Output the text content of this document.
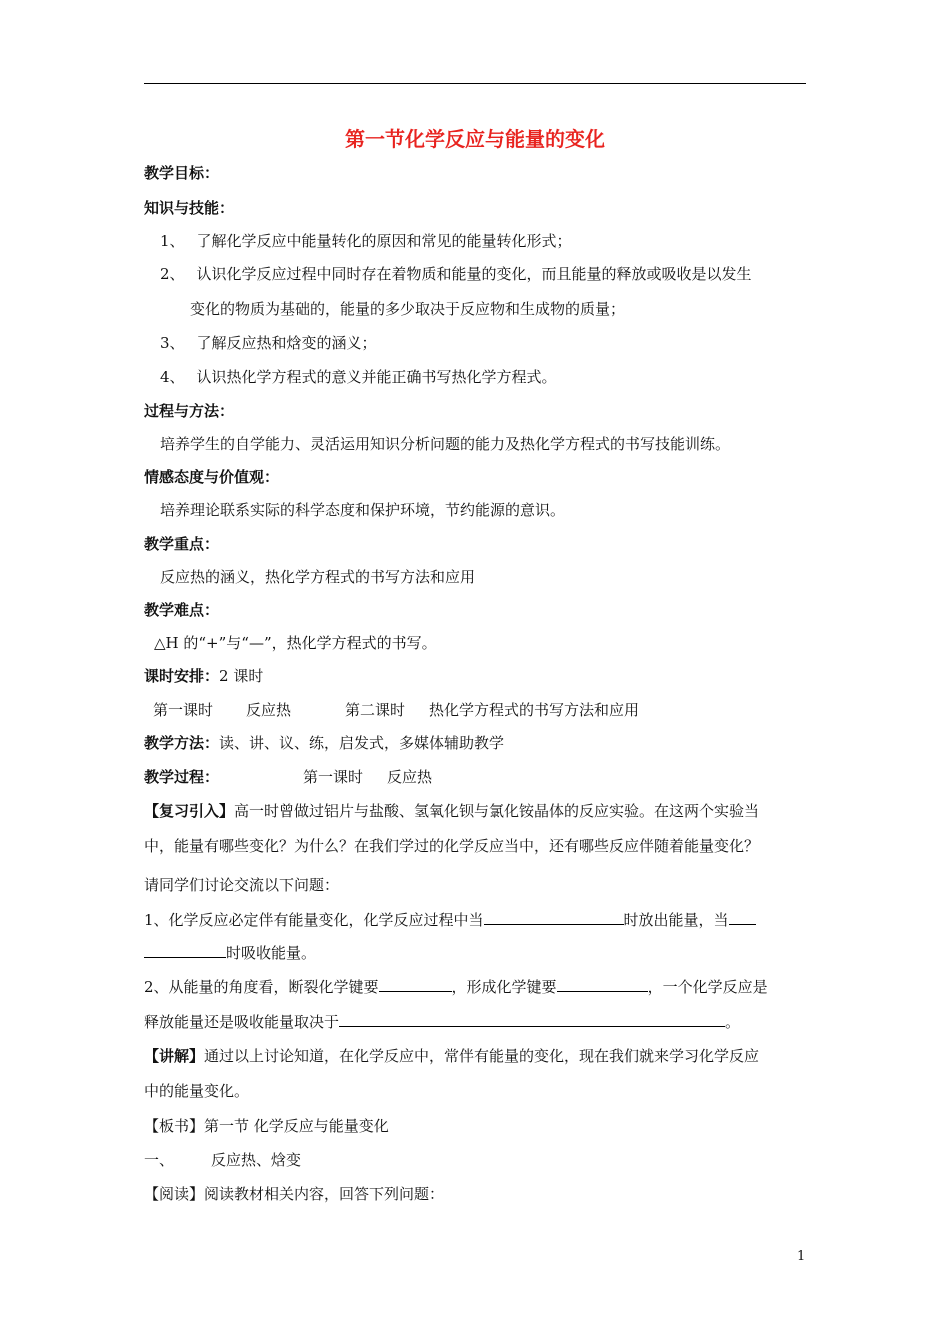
第一节化学反应与能量的变化
教学目标：
知识与技能：
1、 了解化学反应中能量转化的原因和常见的能量转化形式；
2、 认识化学反应过程中同时存在着物质和能量的变化，而且能量的释放或吸收是以发生
变化的物质为基础的，能量的多少取决于反应物和生成物的质量；
3、 了解反应热和焓变的涵义；
4、 认识热化学方程式的意义并能正确书写热化学方程式。
过程与方法：
培养学生的自学能力、灵活运用知识分析问题的能力及热化学方程式的书写技能训练。
情感态度与价值观：
培养理论联系实际的科学态度和保护环境，节约能源的意识。
教学重点：
反应热的涵义，热化学方程式的书写方法和应用
教学难点：
△H 的“+”与“—”，热化学方程式的书写。
课时安排：2 课时
第一课时 反应热	第二课时 热化学方程式的书写方法和应用
教学方法：读、讲、议、练，启发式，多媒体辅助教学
教学过程：	第一课时 反应热
【复习引入】高一时曾做过铝片与盐酸、氢氧化钡与氯化铵晶体的反应实验。在这两个实验当
中，能量有哪些变化？为什么？在我们学过的化学反应当中，还有哪些反应伴随着能量变化？
请同学们讨论交流以下问题：
1、化学反应必定伴有能量变化，化学反应过程中当	时放出能量，当
时吸收能量。
2、从能量的角度看，断裂化学键要	，形成化学键要	，一个化学反应是
释放能量还是吸收能量取决于	。
【讲解】通过以上讨论知道，在化学反应中，常伴有能量的变化，现在我们就来学习化学反应
中的能量变化。
【板书】第一节 化学反应与能量变化
一、 反应热、焓变
【阅读】阅读教材相关内容，回答下列问题：
1
